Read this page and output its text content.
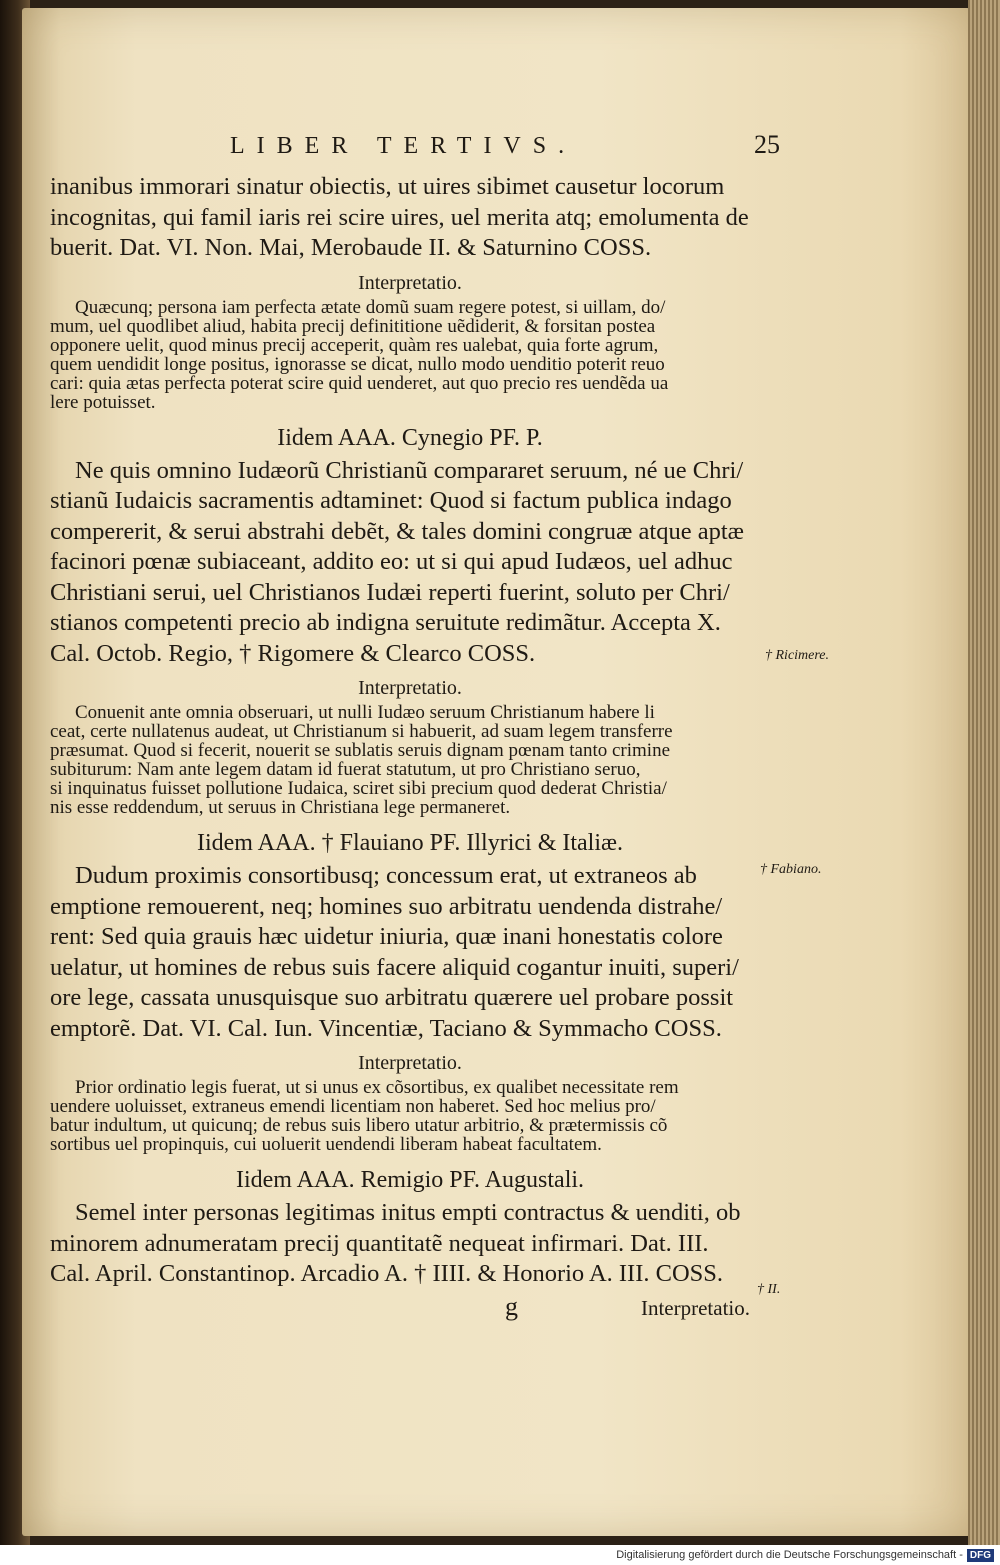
LIBER TERTIVS.	25
inanibus immorari sinatur obiectis, ut uires sibimet causetur locorum
incognitas, qui famil iaris rei scire uires, uel merita atq; emolumenta de
buerit. Dat. VI. Non. Mai, Merobaude II. & Saturnino COSS.
Interpretatio.
Quæcunq; persona iam perfecta ætate domũ suam regere potest, si uillam, do/
mum, uel quodlibet aliud, habita precij definititione uẽdiderit, & forsitan postea
opponere uelit, quod minus precij acceperit, quàm res ualebat, quia forte agrum,
quem uendidit longe positus, ignorasse se dicat, nullo modo uenditio poterit reuo
cari: quia ætas perfecta poterat scire quid uenderet, aut quo precio res uendẽda ua
lere potuisset.
Iidem AAA. Cynegio PF. P.
Ne quis omnino Iudæorũ Christianũ compararet seruum, né ue Chri/
stianũ Iudaicis sacramentis adtaminet: Quod si factum publica indago
compererit, & serui abstrahi debẽt, & tales domini congruæ atque aptæ
facinori pœnæ subiaceant, addito eo: ut si qui apud Iudæos, uel adhuc
Christiani serui, uel Christianos Iudæi reperti fuerint, soluto per Chri/
stianos competenti precio ab indigna seruitute redimãtur. Accepta X.
Cal. Octob. Regio, † Rigomere & Clearco COSS.
Interpretatio.
Conuenit ante omnia obseruari, ut nulli Iudæo seruum Christianum habere li
ceat, certe nullatenus audeat, ut Christianum si habuerit, ad suam legem transferre
præsumat. Quod si fecerit, nouerit se sublatis seruis dignam pœnam tanto crimine
subiturum: Nam ante legem datam id fuerat statutum, ut pro Christiano seruo,
si inquinatus fuisset pollutione Iudaica, sciret sibi precium quod dederat Christia/
nis esse reddendum, ut seruus in Christiana lege permaneret.
Iidem AAA. † Flauiano PF. Illyrici & Italiæ.
Dudum proximis consortibusq; concessum erat, ut extraneos ab
emptione remouerent, neq; homines suo arbitratu uendenda distrahe/
rent: Sed quia grauis hæc uidetur iniuria, quæ inani honestatis colore
uelatur, ut homines de rebus suis facere aliquid cogantur inuiti, superi/
ore lege, cassata unusquisque suo arbitratu quærere uel probare possit
emptorẽ. Dat. VI. Cal. Iun. Vincentiæ, Taciano & Symmacho COSS.
Interpretatio.
Prior ordinatio legis fuerat, ut si unus ex cõsortibus, ex qualibet necessitate rem
uendere uoluisset, extraneus emendi licentiam non haberet. Sed hoc melius pro/
batur indultum, ut quicunq; de rebus suis libero utatur arbitrio, & prætermissis cõ
sortibus uel propinquis, cui uoluerit uendendi liberam habeat facultatem.
Iidem AAA. Remigio PF. Augustali.
Semel inter personas legitimas initus empti contractus & uenditi, ob
minorem adnumeratam precij quantitatẽ nequeat infirmari. Dat. III.
Cal. April. Constantinop. Arcadio A. † IIII. & Honorio A. III. COSS.
g	Interpretatio.
† Ricimere.
† Fabiano.
† II.
Digitalisierung gefördert durch die Deutsche Forschungsgemeinschaft - DFG
